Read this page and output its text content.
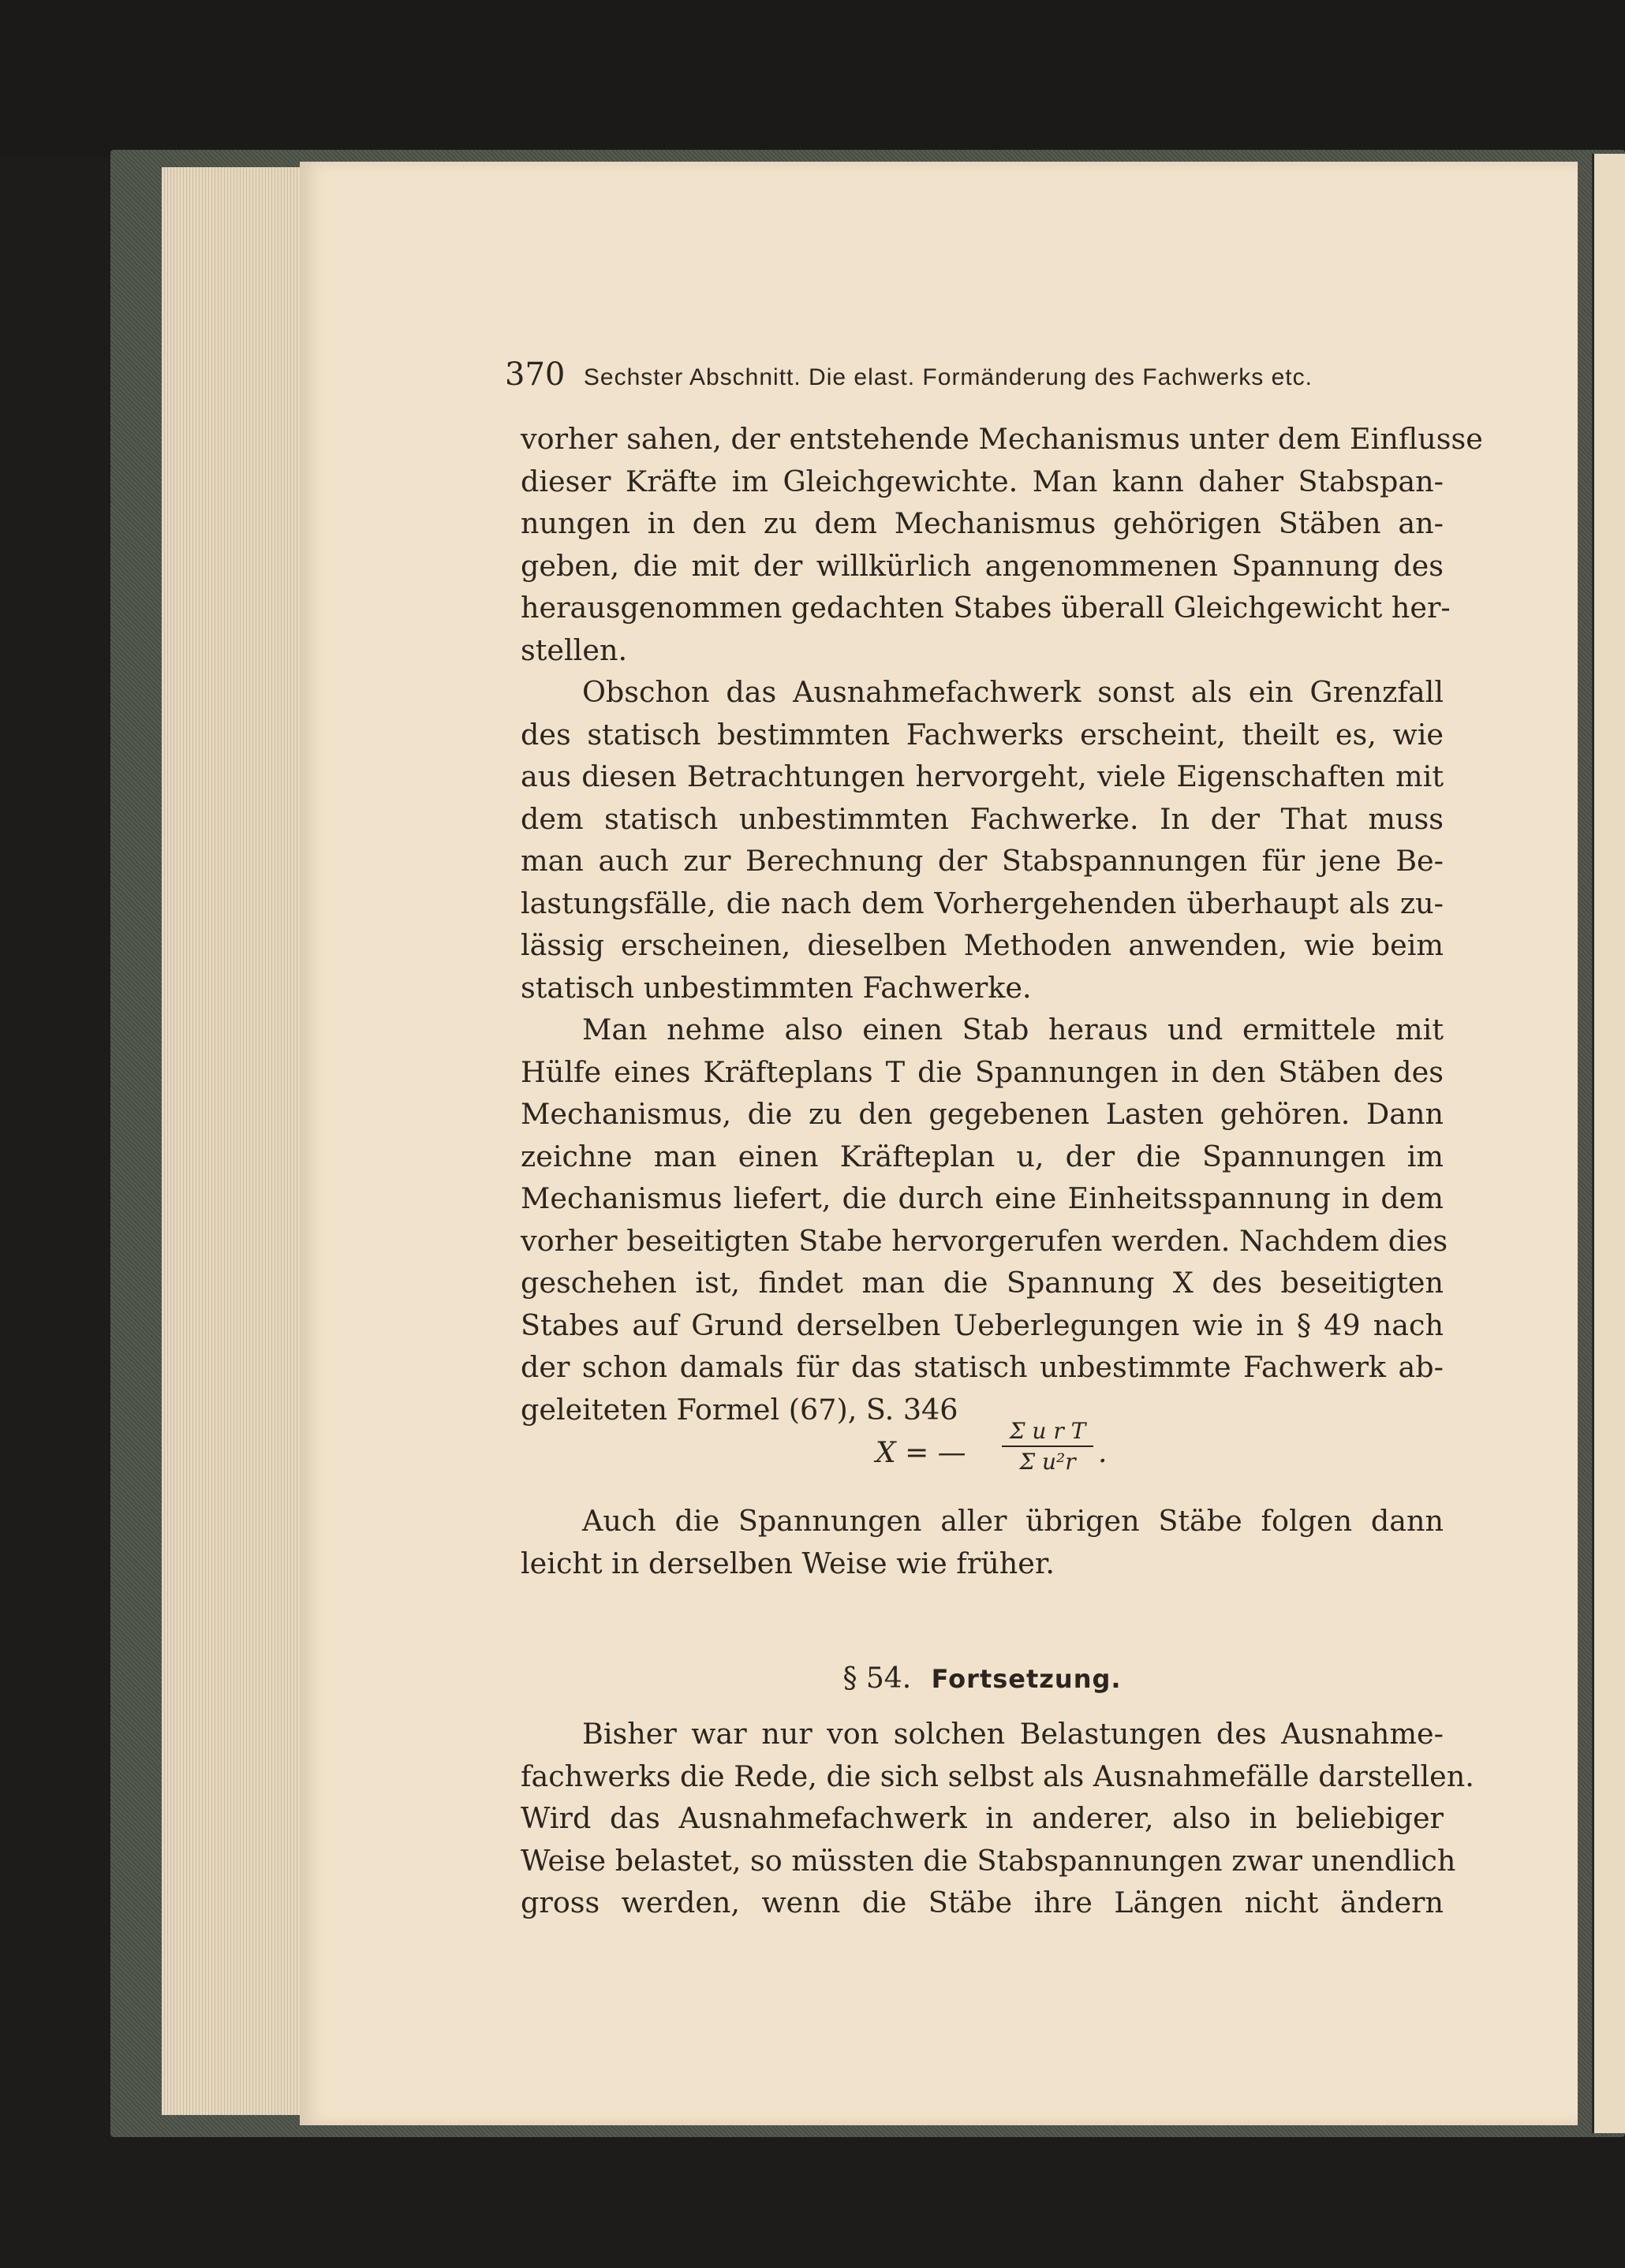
370 Sechster Abschnitt. Die elast. Formänderung des Fachwerks etc.
vorher sahen, der entstehende Mechanismus unter dem Einflusse
dieser Kräfte im Gleichgewichte. Man kann daher Stabspan-
nungen in den zu dem Mechanismus gehörigen Stäben an-
geben, die mit der willkürlich angenommenen Spannung des
herausgenommen gedachten Stabes überall Gleichgewicht her-
stellen.
Obschon das Ausnahmefachwerk sonst als ein Grenzfall
des statisch bestimmten Fachwerks erscheint, theilt es, wie
aus diesen Betrachtungen hervorgeht, viele Eigenschaften mit
dem statisch unbestimmten Fachwerke. In der That muss
man auch zur Berechnung der Stabspannungen für jene Be-
lastungsfälle, die nach dem Vorhergehenden überhaupt als zu-
lässig erscheinen, dieselben Methoden anwenden, wie beim
statisch unbestimmten Fachwerke.
Man nehme also einen Stab heraus und ermittele mit
Hülfe eines Kräfteplans T die Spannungen in den Stäben des
Mechanismus, die zu den gegebenen Lasten gehören. Dann
zeichne man einen Kräfteplan u, der die Spannungen im
Mechanismus liefert, die durch eine Einheitsspannung in dem
vorher beseitigten Stabe hervorgerufen werden. Nachdem dies
geschehen ist, findet man die Spannung X des beseitigten
Stabes auf Grund derselben Ueberlegungen wie in § 49 nach
der schon damals für das statisch unbestimmte Fachwerk ab-
geleiteten Formel (67), S. 346
X = — $\frac{\text{Σ u r T}}{\text{Σ u²r}}$ .
Auch die Spannungen aller übrigen Stäbe folgen dann
leicht in derselben Weise wie früher.
§ 54. Fortsetzung.
Bisher war nur von solchen Belastungen des Ausnahme-
fachwerks die Rede, die sich selbst als Ausnahmefälle darstellen.
Wird das Ausnahmefachwerk in anderer, also in beliebiger
Weise belastet, so müssten die Stabspannungen zwar unendlich
gross werden, wenn die Stäbe ihre Längen nicht ändern
